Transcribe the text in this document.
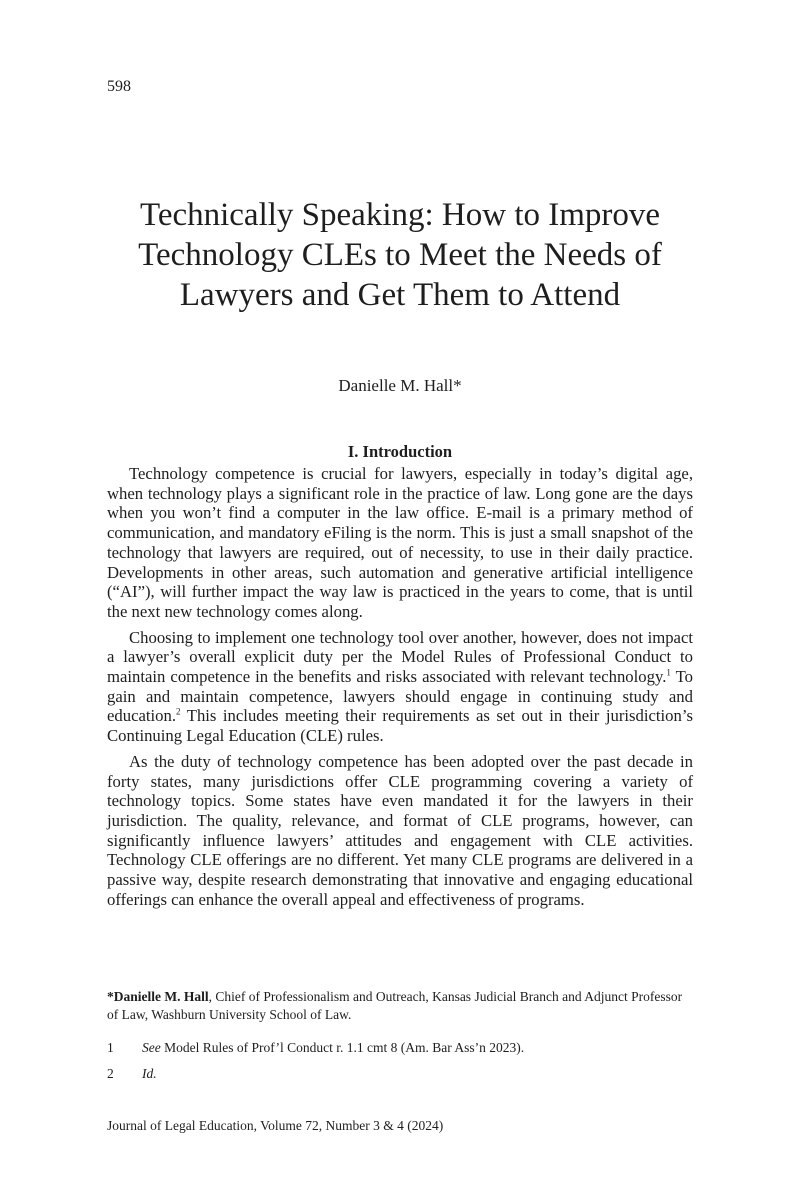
598
Technically Speaking: How to Improve Technology CLEs to Meet the Needs of Lawyers and Get Them to Attend
Danielle M. Hall*
I. Introduction

Technology competence is crucial for lawyers, especially in today’s digital age, when technology plays a significant role in the practice of law. Long gone are the days when you won’t find a computer in the law office. E-mail is a primary method of communication, and mandatory eFiling is the norm. This is just a small snapshot of the technology that lawyers are required, out of necessity, to use in their daily practice. Developments in other areas, such automation and generative artificial intelligence (“AI”), will further impact the way law is practiced in the years to come, that is until the next new technology comes along.

Choosing to implement one technology tool over another, however, does not impact a lawyer’s overall explicit duty per the Model Rules of Professional Conduct to maintain competence in the benefits and risks associated with relevant technology.$^1$ To gain and maintain competence, lawyers should engage in continuing study and education.$^2$ This includes meeting their requirements as set out in their jurisdiction’s Continuing Legal Education (CLE) rules.

As the duty of technology competence has been adopted over the past decade in forty states, many jurisdictions offer CLE programming covering a variety of technology topics. Some states have even mandated it for the lawyers in their jurisdiction. The quality, relevance, and format of CLE programs, however, can significantly influence lawyers’ attitudes and engagement with CLE activities. Technology CLE offerings are no different. Yet many CLE programs are delivered in a passive way, despite research demonstrating that innovative and engaging educational offerings can enhance the overall appeal and effectiveness of programs.

*Danielle M. Hall, Chief of Professionalism and Outreach, Kansas Judicial Branch and Adjunct Professor of Law, Washburn University School of Law.

1 See Model Rules of Prof’l Conduct r. 1.1 cmt 8 (Am. Bar Ass’n 2023).
2 Id.
Journal of Legal Education, Volume 72, Number 3 & 4 (2024)
